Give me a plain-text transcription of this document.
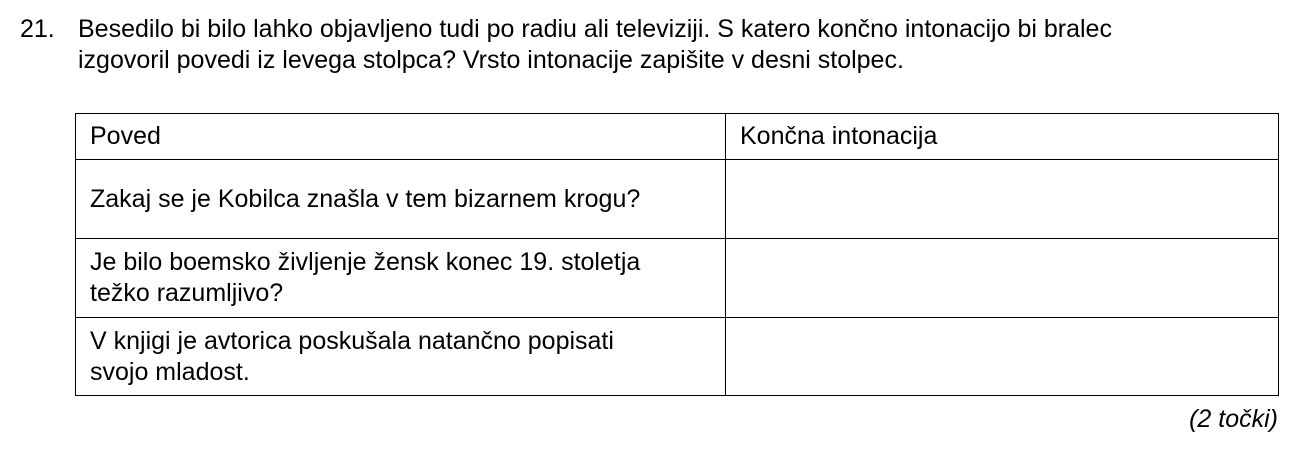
21. Besedilo bi bilo lahko objavljeno tudi po radiu ali televiziji. S katero končno intonacijo bi bralec
izgovoril povedi iz levega stolpca? Vrsto intonacije zapišite v desni stolpec.
Poved	Končna intonacija

Zakaj se je Kobilca znašla v tem bizarnem krogu?	

Je bilo boemsko življenje žensk konec 19. stoletja
težko razumljivo?	

V knjigi je avtorica poskušala natančno popisati
svojo mladost.	

(2 točki)
